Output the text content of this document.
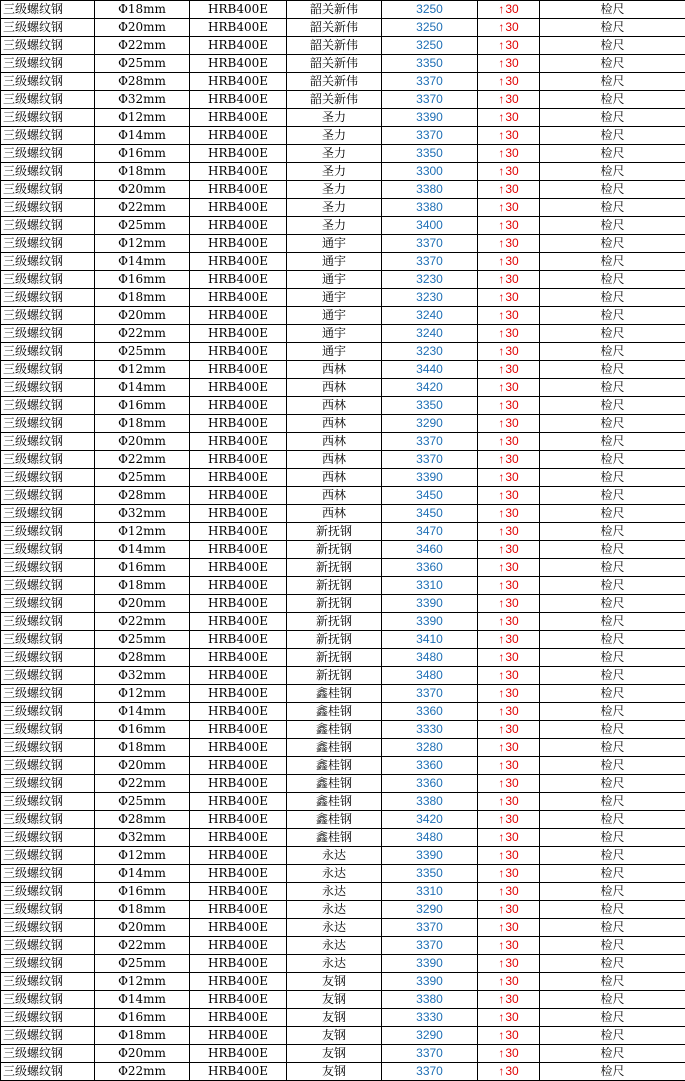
三级螺纹钢	Φ18mm	HRB400E	韶关新伟	3250	↑30	检尺
三级螺纹钢	Φ20mm	HRB400E	韶关新伟	3250	↑30	检尺
三级螺纹钢	Φ22mm	HRB400E	韶关新伟	3250	↑30	检尺
三级螺纹钢	Φ25mm	HRB400E	韶关新伟	3350	↑30	检尺
三级螺纹钢	Φ28mm	HRB400E	韶关新伟	3370	↑30	检尺
三级螺纹钢	Φ32mm	HRB400E	韶关新伟	3370	↑30	检尺
三级螺纹钢	Φ12mm	HRB400E	圣力	3390	↑30	检尺
三级螺纹钢	Φ14mm	HRB400E	圣力	3370	↑30	检尺
三级螺纹钢	Φ16mm	HRB400E	圣力	3350	↑30	检尺
三级螺纹钢	Φ18mm	HRB400E	圣力	3300	↑30	检尺
三级螺纹钢	Φ20mm	HRB400E	圣力	3380	↑30	检尺
三级螺纹钢	Φ22mm	HRB400E	圣力	3380	↑30	检尺
三级螺纹钢	Φ25mm	HRB400E	圣力	3400	↑30	检尺
三级螺纹钢	Φ12mm	HRB400E	通宇	3370	↑30	检尺
三级螺纹钢	Φ14mm	HRB400E	通宇	3370	↑30	检尺
三级螺纹钢	Φ16mm	HRB400E	通宇	3230	↑30	检尺
三级螺纹钢	Φ18mm	HRB400E	通宇	3230	↑30	检尺
三级螺纹钢	Φ20mm	HRB400E	通宇	3240	↑30	检尺
三级螺纹钢	Φ22mm	HRB400E	通宇	3240	↑30	检尺
三级螺纹钢	Φ25mm	HRB400E	通宇	3230	↑30	检尺
三级螺纹钢	Φ12mm	HRB400E	西林	3440	↑30	检尺
三级螺纹钢	Φ14mm	HRB400E	西林	3420	↑30	检尺
三级螺纹钢	Φ16mm	HRB400E	西林	3350	↑30	检尺
三级螺纹钢	Φ18mm	HRB400E	西林	3290	↑30	检尺
三级螺纹钢	Φ20mm	HRB400E	西林	3370	↑30	检尺
三级螺纹钢	Φ22mm	HRB400E	西林	3370	↑30	检尺
三级螺纹钢	Φ25mm	HRB400E	西林	3390	↑30	检尺
三级螺纹钢	Φ28mm	HRB400E	西林	3450	↑30	检尺
三级螺纹钢	Φ32mm	HRB400E	西林	3450	↑30	检尺
三级螺纹钢	Φ12mm	HRB400E	新抚钢	3470	↑30	检尺
三级螺纹钢	Φ14mm	HRB400E	新抚钢	3460	↑30	检尺
三级螺纹钢	Φ16mm	HRB400E	新抚钢	3360	↑30	检尺
三级螺纹钢	Φ18mm	HRB400E	新抚钢	3310	↑30	检尺
三级螺纹钢	Φ20mm	HRB400E	新抚钢	3390	↑30	检尺
三级螺纹钢	Φ22mm	HRB400E	新抚钢	3390	↑30	检尺
三级螺纹钢	Φ25mm	HRB400E	新抚钢	3410	↑30	检尺
三级螺纹钢	Φ28mm	HRB400E	新抚钢	3480	↑30	检尺
三级螺纹钢	Φ32mm	HRB400E	新抚钢	3480	↑30	检尺
三级螺纹钢	Φ12mm	HRB400E	鑫桂钢	3370	↑30	检尺
三级螺纹钢	Φ14mm	HRB400E	鑫桂钢	3360	↑30	检尺
三级螺纹钢	Φ16mm	HRB400E	鑫桂钢	3330	↑30	检尺
三级螺纹钢	Φ18mm	HRB400E	鑫桂钢	3280	↑30	检尺
三级螺纹钢	Φ20mm	HRB400E	鑫桂钢	3360	↑30	检尺
三级螺纹钢	Φ22mm	HRB400E	鑫桂钢	3360	↑30	检尺
三级螺纹钢	Φ25mm	HRB400E	鑫桂钢	3380	↑30	检尺
三级螺纹钢	Φ28mm	HRB400E	鑫桂钢	3420	↑30	检尺
三级螺纹钢	Φ32mm	HRB400E	鑫桂钢	3480	↑30	检尺
三级螺纹钢	Φ12mm	HRB400E	永达	3390	↑30	检尺
三级螺纹钢	Φ14mm	HRB400E	永达	3350	↑30	检尺
三级螺纹钢	Φ16mm	HRB400E	永达	3310	↑30	检尺
三级螺纹钢	Φ18mm	HRB400E	永达	3290	↑30	检尺
三级螺纹钢	Φ20mm	HRB400E	永达	3370	↑30	检尺
三级螺纹钢	Φ22mm	HRB400E	永达	3370	↑30	检尺
三级螺纹钢	Φ25mm	HRB400E	永达	3390	↑30	检尺
三级螺纹钢	Φ12mm	HRB400E	友钢	3390	↑30	检尺
三级螺纹钢	Φ14mm	HRB400E	友钢	3380	↑30	检尺
三级螺纹钢	Φ16mm	HRB400E	友钢	3330	↑30	检尺
三级螺纹钢	Φ18mm	HRB400E	友钢	3290	↑30	检尺
三级螺纹钢	Φ20mm	HRB400E	友钢	3370	↑30	检尺
三级螺纹钢	Φ22mm	HRB400E	友钢	3370	↑30	检尺
